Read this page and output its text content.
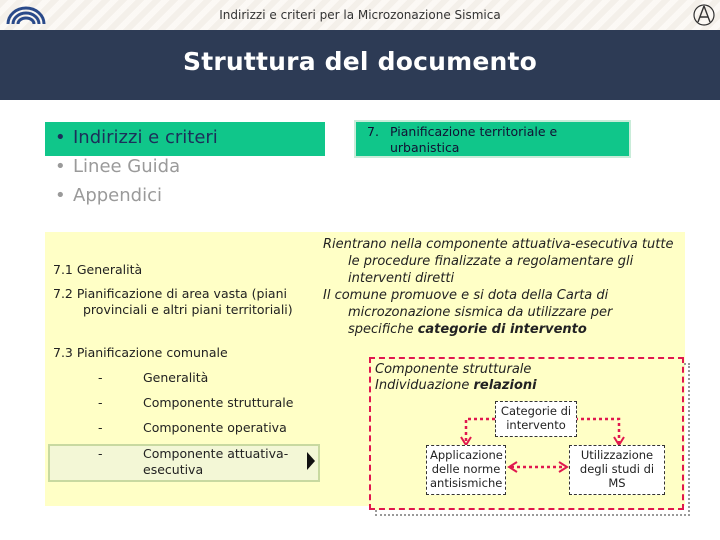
Indirizzi e criteri per la Microzonazione Sismica
Struttura del documento
• Indirizzi e criteri
• Linee Guida
• Appendici
7.1 Generalità
7.2 Pianificazione di area vasta (piani provinciali e altri piani territoriali)
7.3 Pianificazione comunale
-	Generalità
-	Componente strutturale
-	Componente operativa
-	Componente attuativa-esecutiva
7. Pianificazione territoriale e urbanistica
Rientrano nella componente attuativa-esecutiva tutte le procedure finalizzate a regolamentare gli interventi diretti
Il comune promuove e si dota della Carta di microzonazione sismica da utilizzare per specifiche categorie di intervento
Componente strutturale
Individuazione relazioni
Categorie di intervento
Applicazione delle norme antisismiche
Utilizzazione degli studi di MS
